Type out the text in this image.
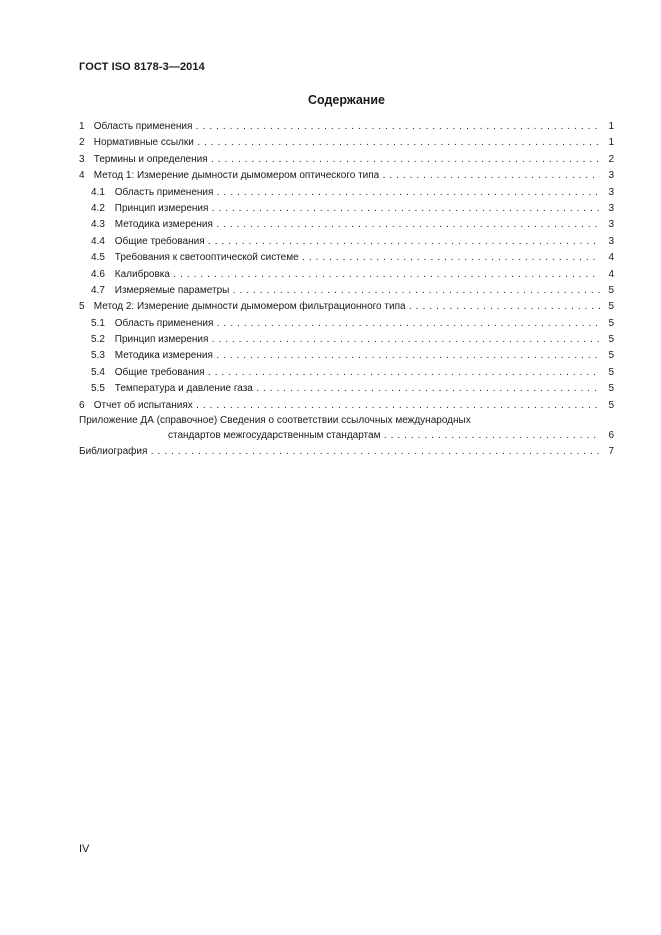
ГОСТ ISO 8178-3—2014
Содержание
1 Область применения . . .	1
2 Нормативные ссылки . . .	1
3 Термины и определения . . .	2
4 Метод 1: Измерение дымности дымомером оптического типа . . .	3
4.1 Область применения . . .	3
4.2 Принцип измерения . . .	3
4.3 Методика измерения . . .	3
4.4 Общие требования . . .	3
4.5 Требования к светооптической системе . . .	4
4.6 Калибровка . . .	4
4.7 Измеряемые параметры . . .	5
5 Метод 2: Измерение дымности дымомером фильтрационного типа . . .	5
5.1 Область применения . . .	5
5.2 Принцип измерения . . .	5
5.3 Методика измерения . . .	5
5.4 Общие требования . . .	5
5.5 Температура и давление газа . . .	5
6 Отчет об испытаниях . . .	5
Приложение ДА (справочное) Сведения о соответствии ссылочных международных
стандартов межгосударственным стандартам . . .	6
Библиография . . .	7
IV
